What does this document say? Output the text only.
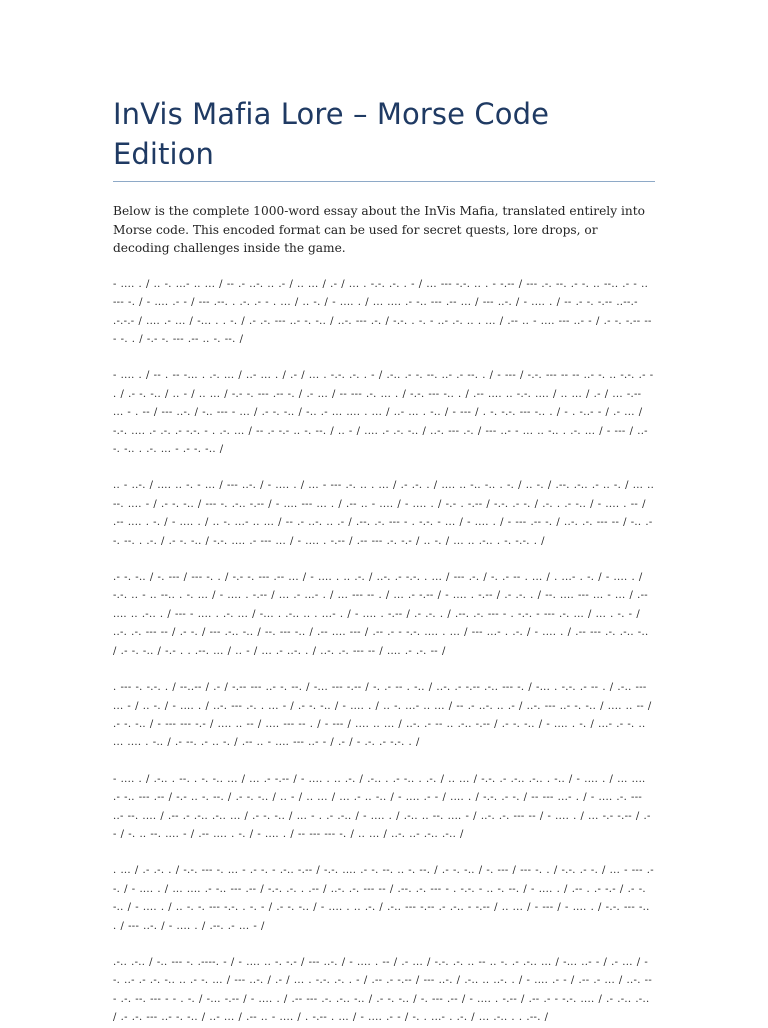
InVis Mafia Lore – Morse Code Edition

Below is the complete 1000-word essay about the InVis Mafia, translated entirely into Morse code. This encoded format can be used for secret quests, lore drops, or decoding challenges inside the game.

- .... . / .. -. ...- .. ... / -- .- ..-. .. .- / .. ... / .- / ... . -.-. .-. . - / ... --- -.-. .. . - -.-- / --- .-. --. .- -. .. --.. .- - .. --- -. / - .... .- - / --- .--. . .-. .- - . ... / .. -. / - .... . / ... .... .- -.. --- .-- ... / --- ..-. / - .... . / -- .- -. -.-- ..--.- .-.-.- / .... .- ... / -... . . -. / .- .-. --- ..- -. -.. / ..-. --- .-. / -.-. . -. - ..- .-. .. . ... / .-- .. - .... --- ..- - / .- -. -.-- --- -. . / -.- -. --- .-- .. -. --. /

- .... . / -- . -- -... . .-. ... / ..- ... . / .- / ... . -.-. .-. . - / .-.. .- -. --. ..- .- --. . / - --- / -.-. --- -- -- ..- -. .. -.-. .- - . / .- -. -.. / .. - / .. ... / -.- -. --- .-- -. / .- ... / -- --- .-. ... . / -.-. --- -.. . / .-- .... .. -.-. .... / .. ... / .- / ... -.-- ... - . -- / --- ..-. / -.. --- - ... / .- -. -.. / -.. .- ... .... . ... / ..- ... . -.. / - --- / . -. -.-. --- -.. . / - . -..- - / .- ... / -.-. .... .- .-. .- -.-. - . .-. ... / -- .- -.- .. -. --. / .. - / .... .- .-. -.. / ..-. --- .-. / --- ..- - ... .. -.. . .-. ... / - --- / ..- -. -.. . .-. ... - .- -. -.. /

.. - ..-. / .... .. -. - ... / --- ..-. / - .... . / ... - --- .-. .. . ... / .- .-. . / .... .. -.. -.. . -. / .. -. / .--. .-.. .- .. -. / ... .. --. .... - / .- -. -.. / --- -. .-.. -.-- / - .... --- ... . / .-- .. - .... / - .... . / -.- . -.-- / -.-. .- -. / .-. . .- -.. / - .... . -- / .-- .... . -. / - .... . / .. -. ...- .. ... / -- .- ..-. .. .- / .--. .-. --- - . -.-. - ... / - .... . / - --- .-- -. / ..-. .-. --- -- / -.. .- -. --. . .-. / .- -. -.. / -.-. .... .- --- ... / - .... . -.-- / .-- --- .-. -.- / .. -. / ... .. .-.. . -. -.-. . /

.- -. -.. / -. --- / --- -. . / -.- -. --- .-- ... / - .... . .. .-. / ..-. .- -.-. . ... / --- .-. / -. .- -- . ... / . ...- . -. / - .... . / -.-. .. - .. --.. . -. ... / - .... . -.-- / ... .- ...- . / ... --- -- . / ... .- -.-- / - .... . -.-- / .- .-. . / --. .... --- ... - ... / .-- .... .. .-.. . / --- - .... . .-. ... / -... . .-.. .. . ...- . / - .... . -.-- / .- .-. . / .--. .-. --- - . -.-. - --- .-. ... / ... . -. - / ..-. .-. --- -- / .- -. / --- .-.. -.. / --. --- -.. / .-- .... --- / .-- .- - -.-. .... . ... / --- ...- . .-. / - .... . / .-- --- .-. .-.. -.. / .- -. -.. / -.- . . .--. ... / .. - / ... .- ..-. . / ..-. .-. --- -- / .... .- .-. -- /

. --- -. -.-. . / --..-- / .- / -.-- --- ..- -. --. / -... --- -.-- / -. .- -- . -.. / ..-. .- -.-- .-.. --- -. / -... . -.-. .- -- . / .-.. --- ... - / .. -. / - .... . / ..-. --- .-. . ... - / .- -. -.. / - .... . / .. -. ...- .. ... / -- .- ..-. .. .- / ..-. --- ..- -. -.. / .... .. -- / .- -. -.. / - --- --- -.- / .... .. -- / .... --- -- . / - --- / .... .. ... / ..-. .- -- .. .-.. -.-- / .- -. -.. / - .... . -. / ...- .- -. .. ... .... . -.. / .- --. .- .. -. / .-- .. - .... --- ..- - / .- / - .-. .- -.-. . /

- .... . / .-.. . --. . -. -.. ... / ... .- -.-- / - .... . .. .-. / .-.. . .- -.. . .-. / .. ... / -.-. .- .-.. .-.. . -.. / - .... . / ... .... .- -.. --- .-- / -.- .. -. --. / .- -. -.. / .. - / .. ... / ... .- .. -.. / - .... .- - / .... . / -.-. .- -. / -- --- ...- . / - .... .-. --- ..- --. .... / .-- .- .-.. .-.. ... / .- -. -.. / ... - . .- .-.. / - .... . / .-.. .. --. .... - / ..-. .-. --- -- / - .... . / ... -.- -.-- / .- - / -. .. --. .... - / .-- .... . -. / - .... . / -- --- --- -. / .. ... / ..-. ..- .-.. .-.. /

. ... / .- .-. . / -.-. --- -. ... - .- -. - .-.. -.-- / -.-. .... .- -. --. .. -. --. / .- -. -.. / -. --- / --- -. . / -.-. .- -. / ... - --- .--. / - .... . / ... .... .- -.. --- .-- / -.-. .-. . .-- / ..-. .-. --- -- / .--. .-. --- - . -.-. - .. -. --. / - .... . / .-- . .- -.- / .- -. -.. / - .... . / .. -. -. --- -.-. . -. - / .- -. -.. / - .... . .. .-. / .-.. --- -.-- .- .-.. - -.-- / .. ... / - --- / - .... . / -.-. --- -.. . / --- ..-. / - .... . / .--. .- ... - /

.-.. .-.. / -.. --- -. .----. - / - .... .. -. -.- / --- ..-. / - .... . -- / .- ... / -.-. .-. .. -- .. -. .- .-.. ... / -... ..- - / .- ... / --. ..- .- .-. -.. .. .- -. ... / --- ..-. / .- / ... . -.-. .-. . - / .-- .- -.-- / --- ..-. / .-.. .. ..-. . / - .... .- - / .-- .- ... / ..-. --- .-. --. --- - - . -. / -... -.-- / - .... . / .-- --- .-. .-.. -.. / .- -. -.. / -. --- .-- / - .... . -.-- / .-- .- - -.-. .... / .- .-.. .-.. / .- .-. --- ..- -. -.. / ..- ... / .-- .. - .... / . -.-- . ... / - .... .- - / -. . ...- . .-. / ... .-.. . . .--. /
